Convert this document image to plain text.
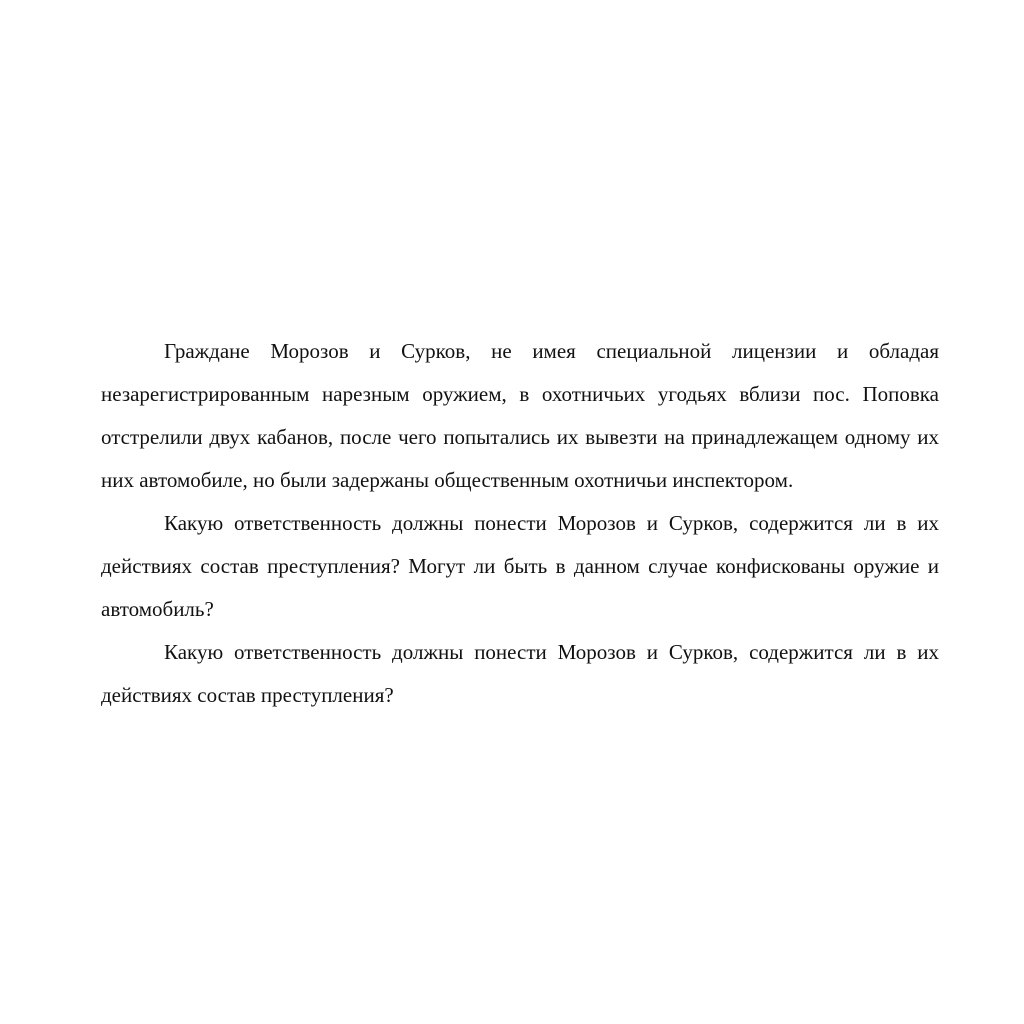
Граждане Морозов и Сурков, не имея специальной лицензии и обладая незарегистрированным нарезным оружием, в охотничьих угодьях вблизи пос. Поповка отстрелили двух кабанов, после чего попытались их вывезти на принадлежащем одному их них автомобиле, но были задержаны общественным охотничьи инспектором.

Какую ответственность должны понести Морозов и Сурков, содержится ли в их действиях состав преступления? Могут ли быть в данном случае конфискованы оружие и автомобиль?

Какую ответственность должны понести Морозов и Сурков, содержится ли в их действиях состав преступления?
